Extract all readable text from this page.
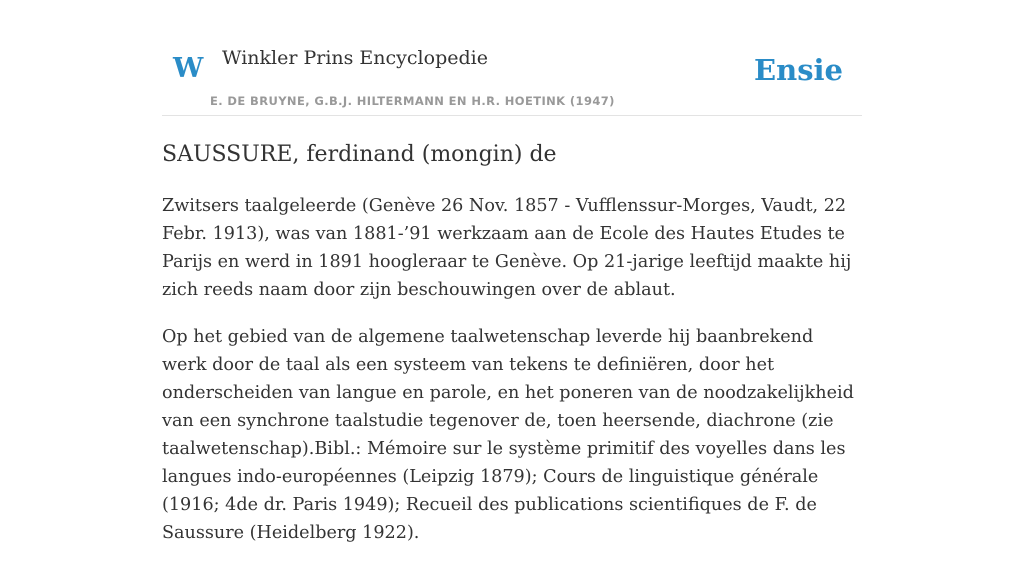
W Winkler Prins Encyclopedie
E. DE BRUYNE, G.B.J. HILTERMANN EN H.R. HOETINK (1947)
Ensie
SAUSSURE, ferdinand (mongin) de

Zwitsers taalgeleerde (Genève 26 Nov. 1857 - Vufflenssur-Morges, Vaudt, 22 Febr. 1913), was van 1881-’91 werkzaam aan de Ecole des Hautes Etudes te Parijs en werd in 1891 hoogleraar te Genève. Op 21-jarige leeftijd maakte hij zich reeds naam door zijn beschouwingen over de ablaut.

Op het gebied van de algemene taalwetenschap leverde hij baanbrekend werk door de taal als een systeem van tekens te definiëren, door het onderscheiden van langue en parole, en het poneren van de noodzakelijkheid van een synchrone taalstudie tegenover de, toen heersende, diachrone (zie taalwetenschap).Bibl.: Mémoire sur le système primitif des voyelles dans les langues indo-européennes (Leipzig 1879); Cours de linguistique générale (1916; 4de dr. Paris 1949); Recueil des publications scientifiques de F. de Saussure (Heidelberg 1922).
